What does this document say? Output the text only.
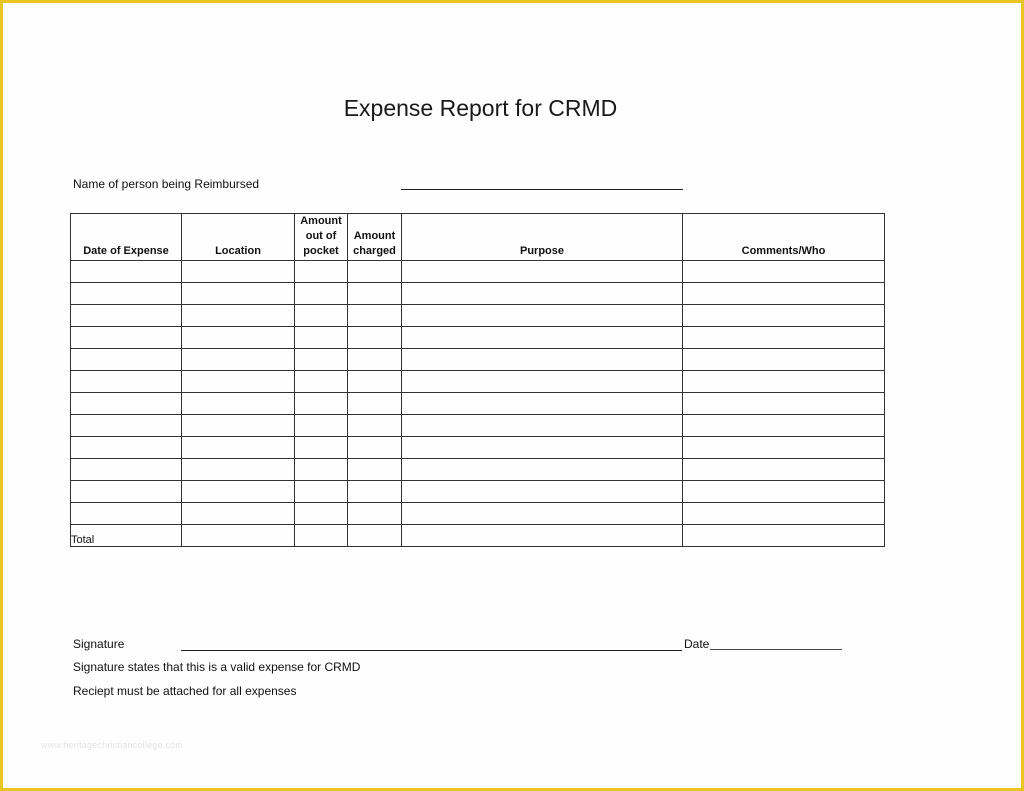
Expense Report for CRMD
Name of person being Reimbursed
Date of Expense	Location	Amount out of pocket	Amount charged	Purpose	Comments/Who

Total					
Signature	Date
Signature states that this is a valid expense for CRMD
Reciept must be attached for all expenses
www.heritagechristiancollege.com
